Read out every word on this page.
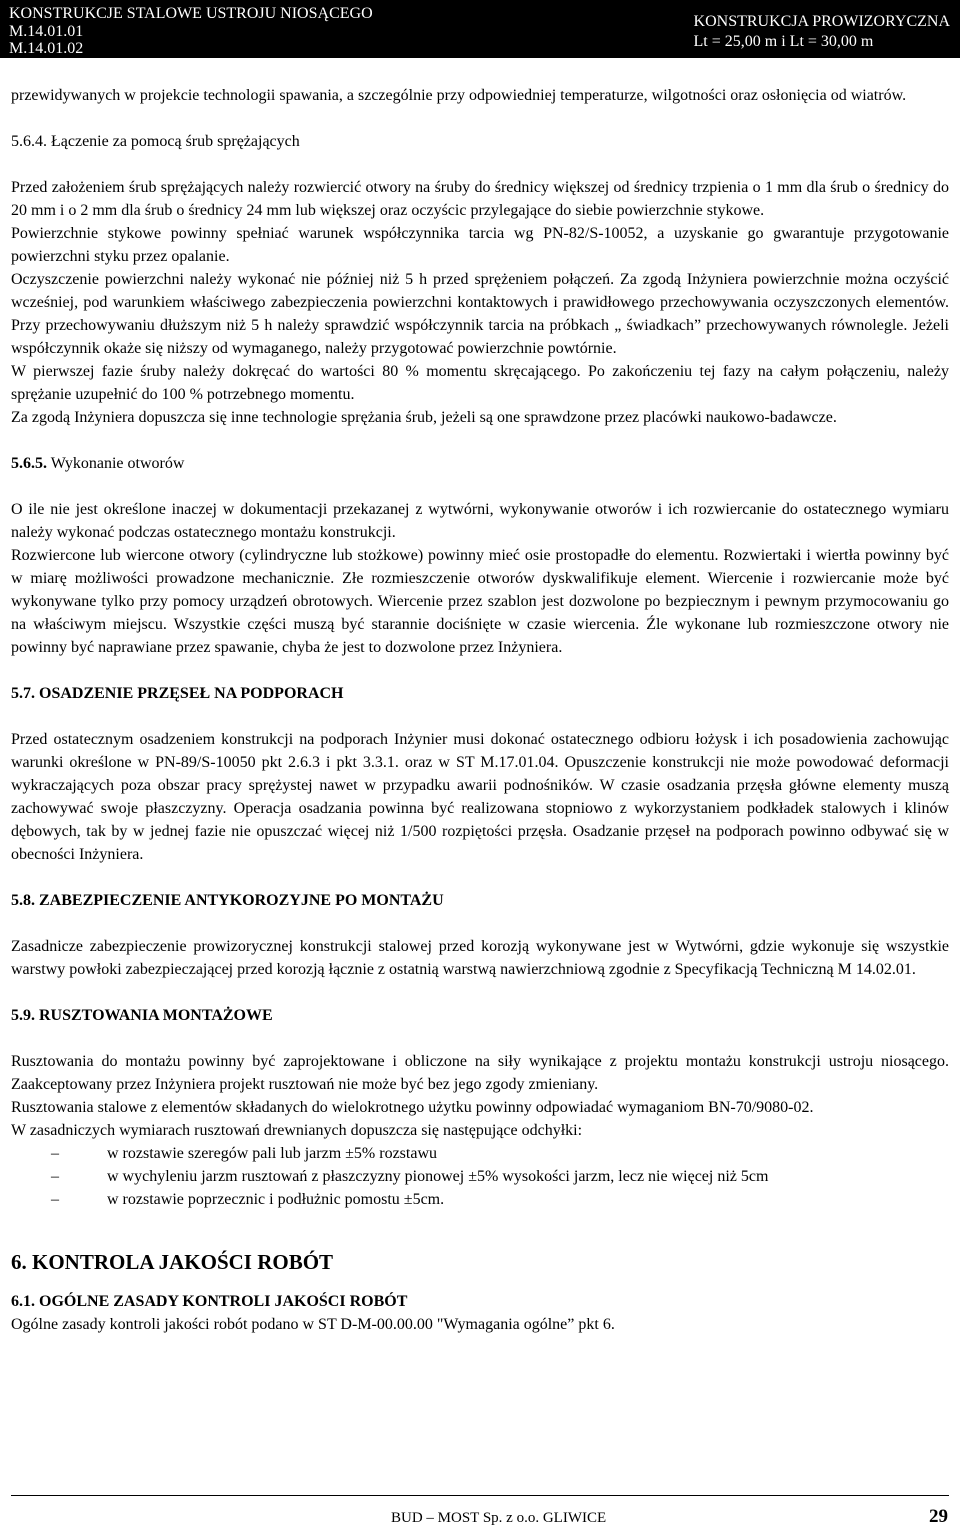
KONSTRUKCJE STALOWE USTROJU NIOSĄCEGO
M.14.01.01
M.14.01.02
KONSTRUKCJA PROWIZORYCZNA
Lt = 25,00 m i Lt = 30,00 m

przewidywanych w projekcie technologii spawania, a szczególnie przy odpowiedniej temperaturze, wilgotności oraz osłonięcia od wiatrów.

5.6.4. Łączenie za pomocą śrub sprężających

Przed założeniem śrub sprężających należy rozwiercić otwory na śruby do średnicy większej od średnicy trzpienia o 1 mm dla śrub o średnicy do 20 mm i o 2 mm dla śrub o średnicy 24 mm lub większej oraz oczyścic przylegające do siebie powierzchnie stykowe.

Powierzchnie stykowe powinny spełniać warunek współczynnika tarcia wg PN-82/S-10052, a uzyskanie go gwarantuje przygotowanie powierzchni styku przez opalanie.

Oczyszczenie powierzchni należy wykonać nie później niż 5 h przed sprężeniem połączeń. Za zgodą Inżyniera powierzchnie można oczyścić wcześniej, pod warunkiem właściwego zabezpieczenia powierzchni kontaktowych i prawidłowego przechowywania oczyszczonych elementów. Przy przechowywaniu dłuższym niż 5 h należy sprawdzić współczynnik tarcia na próbkach „ świadkach” przechowywanych równolegle. Jeżeli współczynnik okaże się niższy od wymaganego, należy przygotować powierzchnie powtórnie.

W pierwszej fazie śruby należy dokręcać do wartości 80 % momentu skręcającego. Po zakończeniu tej fazy na całym połączeniu, należy sprężanie uzupełnić do 100 % potrzebnego momentu.

Za zgodą Inżyniera dopuszcza się inne technologie sprężania śrub, jeżeli są one sprawdzone przez placówki naukowo-badawcze.

5.6.5. Wykonanie otworów

O ile nie jest określone inaczej w dokumentacji przekazanej z wytwórni, wykonywanie otworów i ich rozwiercanie do ostatecznego wymiaru należy wykonać podczas ostatecznego montażu konstrukcji.

Rozwiercone lub wiercone otwory (cylindryczne lub stożkowe) powinny mieć osie prostopadłe do elementu. Rozwiertaki i wiertła powinny być w miarę możliwości prowadzone mechanicznie. Złe rozmieszczenie otworów dyskwalifikuje element. Wiercenie i rozwiercanie może być wykonywane tylko przy pomocy urządzeń obrotowych. Wiercenie przez szablon jest dozwolone po bezpiecznym i pewnym przymocowaniu go na właściwym miejscu. Wszystkie części muszą być starannie dociśnięte w czasie wiercenia. Źle wykonane lub rozmieszczone otwory nie powinny być naprawiane przez spawanie, chyba że jest to dozwolone przez Inżyniera.

5.7. OSADZENIE PRZĘSEŁ NA PODPORACH

Przed ostatecznym osadzeniem konstrukcji na podporach Inżynier musi dokonać ostatecznego odbioru łożysk i ich posadowienia zachowując warunki określone w PN-89/S-10050 pkt 2.6.3 i pkt 3.3.1. oraz w ST M.17.01.04. Opuszczenie konstrukcji nie może powodować deformacji wykraczających poza obszar pracy sprężystej nawet w przypadku awarii podnośników. W czasie osadzania przęsła główne elementy muszą zachowywać swoje płaszczyzny. Operacja osadzania powinna być realizowana stopniowo z wykorzystaniem podkładek stalowych i klinów dębowych, tak by w jednej fazie nie opuszczać więcej niż 1/500 rozpiętości przęsła. Osadzanie przęseł na podporach powinno odbywać się w obecności Inżyniera.

5.8. ZABEZPIECZENIE ANTYKOROZYJNE PO MONTAŻU

Zasadnicze zabezpieczenie prowizorycznej konstrukcji stalowej przed korozją wykonywane jest w Wytwórni, gdzie wykonuje się wszystkie warstwy powłoki zabezpieczającej przed korozją łącznie z ostatnią warstwą nawierzchniową zgodnie z Specyfikacją Techniczną M 14.02.01.

5.9. RUSZTOWANIA MONTAŻOWE

Rusztowania do montażu powinny być zaprojektowane i obliczone na siły wynikające z projektu montażu konstrukcji ustroju niosącego. Zaakceptowany przez Inżyniera projekt rusztowań nie może być bez jego zgody zmieniany.

Rusztowania stalowe z elementów składanych do wielokrotnego użytku powinny odpowiadać wymaganiom BN-70/9080-02.

W zasadniczych wymiarach rusztowań drewnianych dopuszcza się następujące odchyłki:

–	w rozstawie szeregów pali lub jarzm ±5% rozstawu
–	w wychyleniu jarzm rusztowań z płaszczyzny pionowej ±5% wysokości jarzm, lecz nie więcej niż 5cm
–	w rozstawie poprzecznic i podłużnic pomostu ±5cm.

6. KONTROLA JAKOŚCI ROBÓT

6.1. OGÓLNE ZASADY KONTROLI JAKOŚCI ROBÓT

Ogólne zasady kontroli jakości robót podano w ST D-M-00.00.00 "Wymagania ogólne” pkt 6.

BUD – MOST Sp. z o.o. GLIWICE	29
